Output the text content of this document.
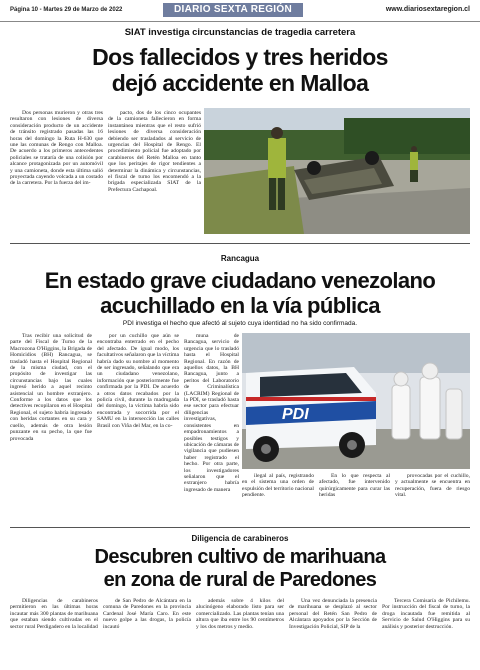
Página 10 - Martes 29 de Marzo de 2022	DIARIO SEXTA REGIÓN	www.diariosextaregion.cl
SIAT investiga circunstancias de tragedia carretera
Dos fallecidos y tres heridos
dejó accidente en Malloa

Dos personas murieron y otras tres resultaron con lesiones de diversa consideración producto de un accidente de tránsito registrado pasadas las 16 horas del domingo la Ruta H-630 que une las comunas de Rengo con Malloa. De acuerdo a los primeros antecedentes policiales se trataría de una colisión por alcance protagonizada por un automóvil y una camioneta, donde esta última salió proyectada cayendo volcada a un costado de la carretera. Por la fuerza del im-

pacto, dos de los cinco ocupantes de la camioneta fallecieron en forma instantánea mientras que el resto sufrió lesiones de diversa consideración debiendo ser trasladados al servicio de urgencias del Hospital de Rengo. El procedimiento policial fue adoptado por carabineros del Retén Malloa en tanto que los peritajes de rigor tendientes a determinar la dinámica y circunstancias, el fiscal de turno los encomendó a la brigada especializada SIAT de la Prefectura Cachapoal.

Rancagua
En estado grave ciudadano venezolano
acuchillado en la vía pública
PDI investiga el hecho que afectó al sujeto cuya identidad no ha sido confirmada.

Tras recibir una solicitud de parte del Fiscal de Turno de la Macrozona O'Higgins, la Brigada de Homicidios (BH) Rancagua, se trasladó hasta el Hospital Regional de la misma ciudad, con el propósito de investigar las circunstancias bajo las cuales ingresó herido a aquel recinto asistencial un hombre extranjero. Conforme a los datos que los detectives recopilaron en el Hospital Regional, el sujeto habría ingresado con heridas cortantes en su cara y cuello, además de otra lesión punzante en su pecho, la que fue provocada

por un cuchillo que aún se encontraba enterrado en el pecho del afectado. De igual modo, los facultativos señalaron que la víctima habría dado su nombre al momento de ser ingresado, señalando que era un ciudadano venezolano, información que posteriormente fue confirmada por la PDI. De acuerdo a otros datos recabados por la policía civil, durante la madrugada del domingo, la víctima habría sido encontrada y socorrida por el SAMU en la intersección las calles Brasil con Viña del Mar, en la co-

muna de Rancagua, servicio de urgencia que lo trasladó hasta el Hospital Regional. En razón de aquellos datos, la BH Rancagua, junto a peritos del Laboratorio de Criminalística (LACRIM) Regional de la PDI, se trasladó hasta ese sector para efectuar diligencias investigativas, consistentes en empadronamientos a posibles testigos y ubicación de cámaras de vigilancia que pudiesen haber registrado el hecho. Por otra parte, los investigadores señalaron que el extranjero habría ingresado de manera

PDI

ilegal al país, registrando en el sistema una orden de expulsión del territorio nacional pendiente.

En lo que respecta al afectado, fue intervenido quirúrgicamente para curar las heridas

provocadas por el cuchillo, y actualmente se encuentra en recuperación, fuera de riesgo vital.

Diligencia de carabineros
Descubren cultivo de marihuana
en zona de rural de Paredones

Diligencias de carabineros permitieron en las últimas horas incautar más 300 plantas de marihuana que estaban siendo cultivadas en el sector rural Perdigadero en la localidad

de San Pedro de Alcántara en la comuna de Paredones en la provincia Cardenal José María Caro. En este nuevo golpe a las drogas, la policía incautó

además sobre 4 kilos del alucinógeno elaborado listo para ser comercializado. Las plantas tenían una altura que iba entre los 90 centímetros y los dos metros y medio.

Una vez denunciada la presencia de marihuana se desplazó al sector personal del Retén San Pedro de Alcántara apoyados por la Sección de Investigación Policial, SIP de la

Tercera Comisaría de Pichilemu. Por instrucción del fiscal de turno, la droga incautada fue remitida al Servicio de Salud O'Higgins para su análisis y posterior destrucción.
